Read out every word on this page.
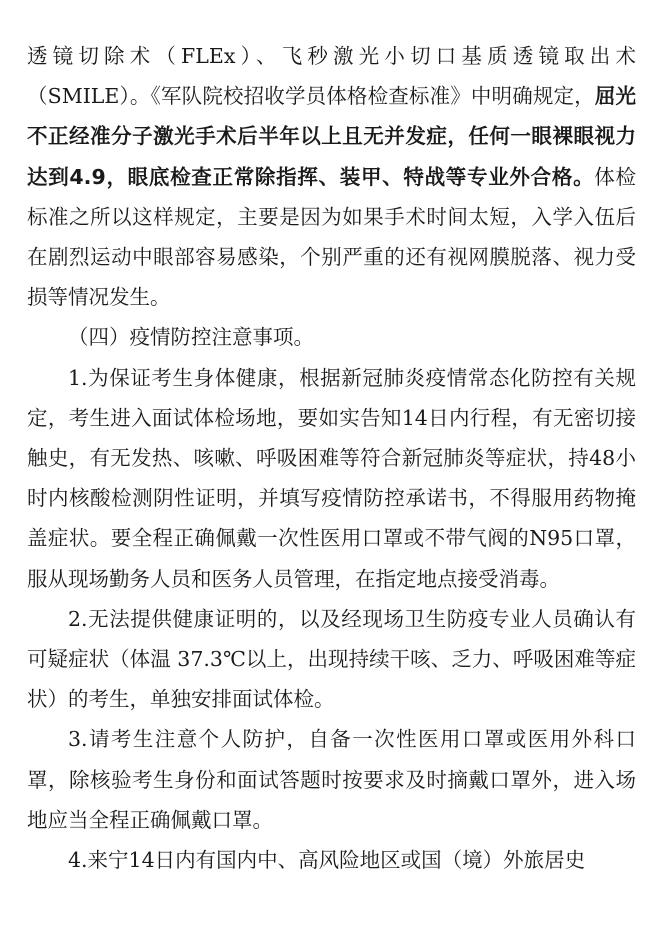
透镜切除术（FLEx）、飞秒激光小切口基质透镜取出术（SMILE）。《军队院校招收学员体格检查标准》中明确规定，屈光不正经准分子激光手术后半年以上且无并发症，任何一眼裸眼视力达到4.9，眼底检查正常除指挥、装甲、特战等专业外合格。体检标准之所以这样规定，主要是因为如果手术时间太短，入学入伍后在剧烈运动中眼部容易感染，个别严重的还有视网膜脱落、视力受损等情况发生。

（四）疫情防控注意事项。

1.为保证考生身体健康，根据新冠肺炎疫情常态化防控有关规定，考生进入面试体检场地，要如实告知14日内行程，有无密切接触史，有无发热、咳嗽、呼吸困难等符合新冠肺炎等症状，持48小时内核酸检测阴性证明，并填写疫情防控承诺书，不得服用药物掩盖症状。要全程正确佩戴一次性医用口罩或不带气阀的N95口罩，服从现场勤务人员和医务人员管理，在指定地点接受消毒。

2.无法提供健康证明的，以及经现场卫生防疫专业人员确认有可疑症状（体温 37.3℃以上，出现持续干咳、乏力、呼吸困难等症状）的考生，单独安排面试体检。

3.请考生注意个人防护，自备一次性医用口罩或医用外科口罩，除核验考生身份和面试答题时按要求及时摘戴口罩外，进入场地应当全程正确佩戴口罩。

4.来宁14日内有国内中、高风险地区或国（境）外旅居史
